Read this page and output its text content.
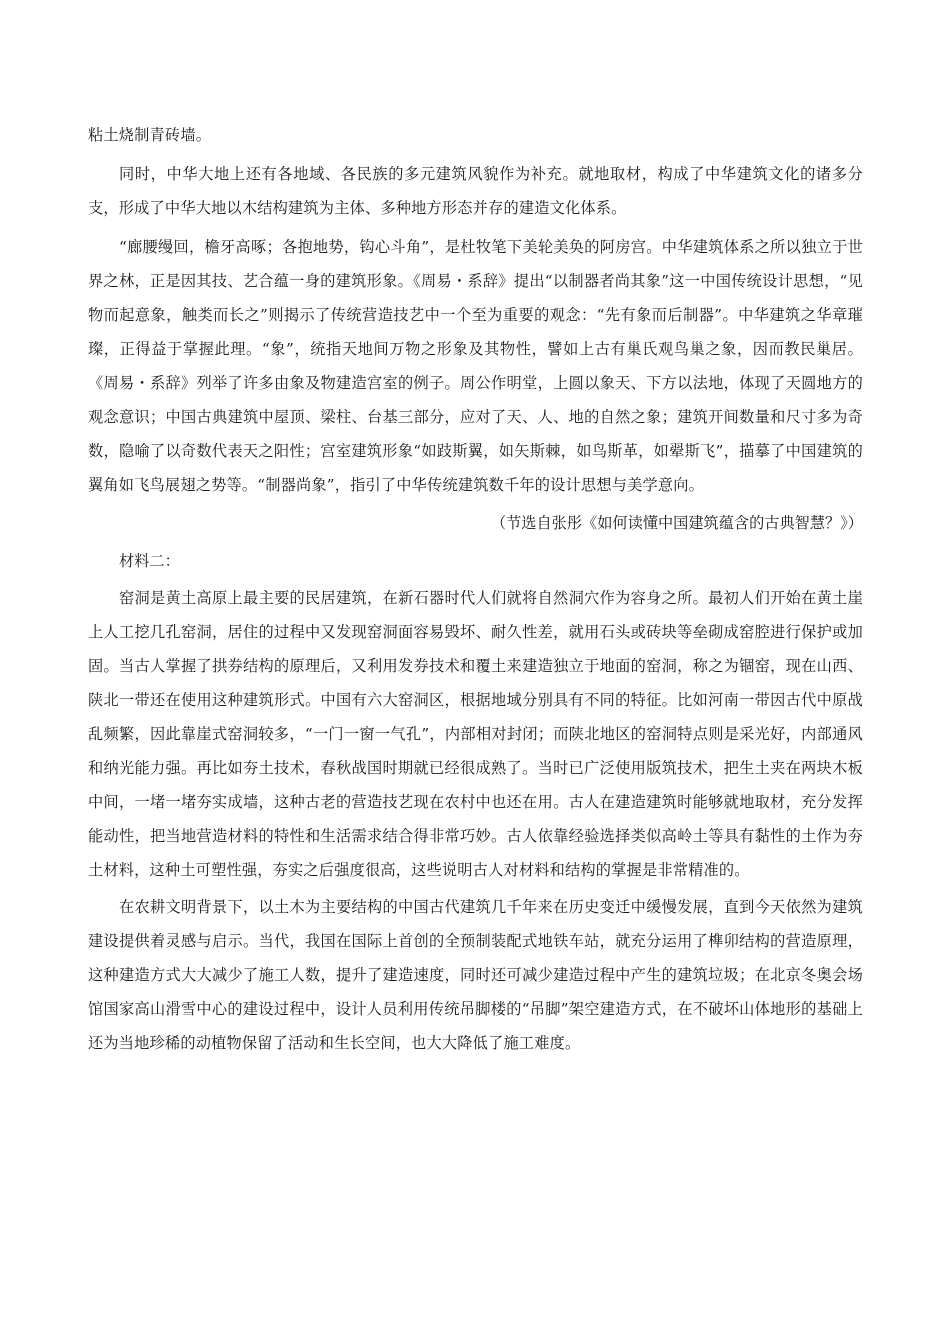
粘土烧制青砖墙。

同时，中华大地上还有各地域、各民族的多元建筑风貌作为补充。就地取材，构成了中华建筑文化的诸多分支，形成了中华大地以木结构建筑为主体、多种地方形态并存的建造文化体系。

“廊腰缦回，檐牙高啄；各抱地势，钩心斗角”，是杜牧笔下美轮美奂的阿房宫。中华建筑体系之所以独立于世界之林，正是因其技、艺合蕴一身的建筑形象。《周易・系辞》提出“以制器者尚其象”这一中国传统设计思想，“见物而起意象，触类而长之”则揭示了传统营造技艺中一个至为重要的观念：“先有象而后制器”。中华建筑之华章璀璨，正得益于掌握此理。“象”，统指天地间万物之形象及其物性，譬如上古有巢氏观鸟巢之象，因而教民巢居。《周易・系辞》列举了许多由象及物建造宫室的例子。周公作明堂，上圆以象天、下方以法地，体现了天圆地方的观念意识；中国古典建筑中屋顶、梁柱、台基三部分，应对了天、人、地的自然之象；建筑开间数量和尺寸多为奇数，隐喻了以奇数代表天之阳性；宫室建筑形象“如跂斯翼，如矢斯棘，如鸟斯革，如翚斯飞”，描摹了中国建筑的翼角如飞鸟展翅之势等。“制器尚象”，指引了中华传统建筑数千年的设计思想与美学意向。

（节选自张彤《如何读懂中国建筑蕴含的古典智慧？》）

材料二：

窑洞是黄土高原上最主要的民居建筑，在新石器时代人们就将自然洞穴作为容身之所。最初人们开始在黄土崖上人工挖几孔窑洞，居住的过程中又发现窑洞面容易毁坏、耐久性差，就用石头或砖块等垒砌成窑腔进行保护或加固。当古人掌握了拱券结构的原理后，又利用发券技术和覆土来建造独立于地面的窑洞，称之为锢窑，现在山西、陕北一带还在使用这种建筑形式。中国有六大窑洞区，根据地域分别具有不同的特征。比如河南一带因古代中原战乱频繁，因此靠崖式窑洞较多，“一门一窗一气孔”，内部相对封闭；而陕北地区的窑洞特点则是采光好，内部通风和纳光能力强。再比如夯土技术，春秋战国时期就已经很成熟了。当时已广泛使用版筑技术，把生土夹在两块木板中间，一堵一堵夯实成墙，这种古老的营造技艺现在农村中也还在用。古人在建造建筑时能够就地取材，充分发挥能动性，把当地营造材料的特性和生活需求结合得非常巧妙。古人依靠经验选择类似高岭土等具有黏性的土作为夯土材料，这种土可塑性强，夯实之后强度很高，这些说明古人对材料和结构的掌握是非常精准的。

在农耕文明背景下，以土木为主要结构的中国古代建筑几千年来在历史变迁中缓慢发展，直到今天依然为建筑建设提供着灵感与启示。当代，我国在国际上首创的全预制装配式地铁车站，就充分运用了榫卯结构的营造原理，这种建造方式大大减少了施工人数，提升了建造速度，同时还可减少建造过程中产生的建筑垃圾；在北京冬奥会场馆国家高山滑雪中心的建设过程中，设计人员利用传统吊脚楼的“吊脚”架空建造方式，在不破坏山体地形的基础上还为当地珍稀的动植物保留了活动和生长空间，也大大降低了施工难度。
